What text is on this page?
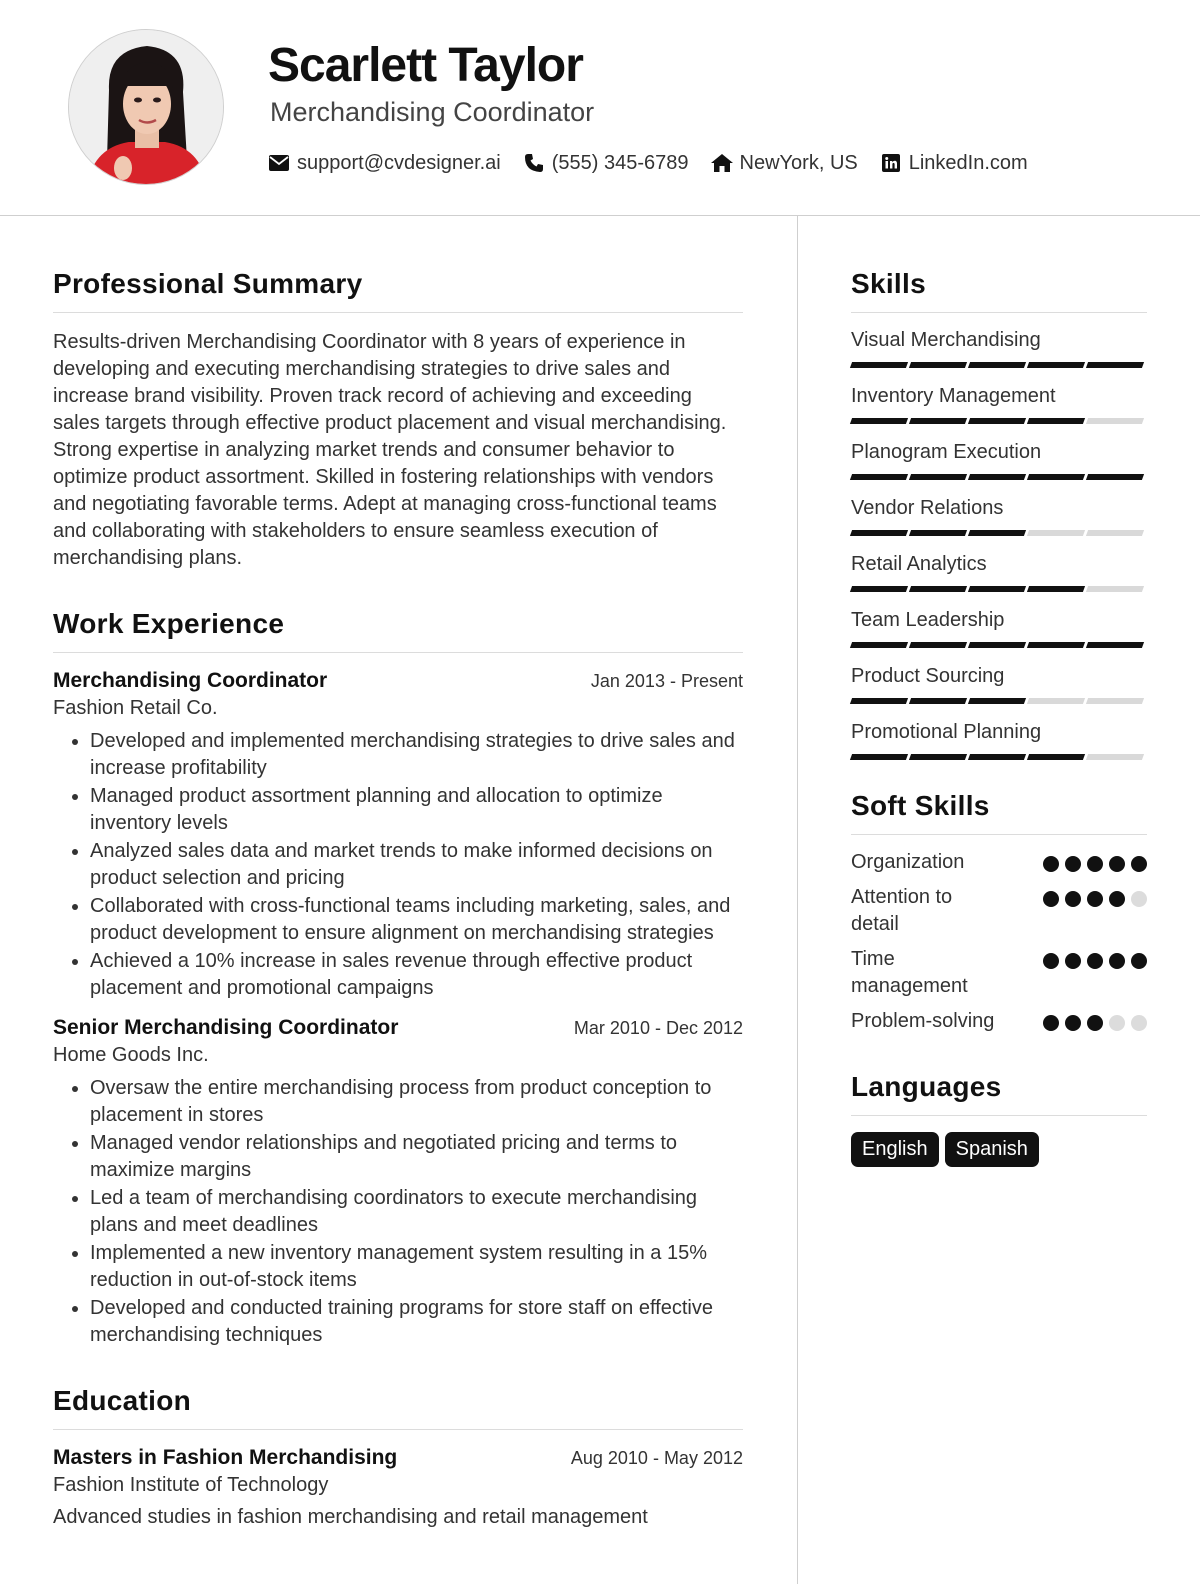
Scarlett Taylor
Merchandising Coordinator
support@cvdesigner.ai	(555) 345-6789	NewYork, US	LinkedIn.com
Professional Summary

Results-driven Merchandising Coordinator with 8 years of experience in developing and executing merchandising strategies to drive sales and increase brand visibility. Proven track record of achieving and exceeding sales targets through effective product placement and visual merchandising. Strong expertise in analyzing market trends and consumer behavior to optimize product assortment. Skilled in fostering relationships with vendors and negotiating favorable terms. Adept at managing cross-functional teams and collaborating with stakeholders to ensure seamless execution of merchandising plans.

Work Experience
Merchandising Coordinator	Jan 2013 - Present
Fashion Retail Co.
• Developed and implemented merchandising strategies to drive sales and increase profitability
• Managed product assortment planning and allocation to optimize inventory levels
• Analyzed sales data and market trends to make informed decisions on product selection and pricing
• Collaborated with cross-functional teams including marketing, sales, and product development to ensure alignment on merchandising strategies
• Achieved a 10% increase in sales revenue through effective product placement and promotional campaigns
Senior Merchandising Coordinator	Mar 2010 - Dec 2012
Home Goods Inc.
• Oversaw the entire merchandising process from product conception to placement in stores
• Managed vendor relationships and negotiated pricing and terms to maximize margins
• Led a team of merchandising coordinators to execute merchandising plans and meet deadlines
• Implemented a new inventory management system resulting in a 15% reduction in out-of-stock items
• Developed and conducted training programs for store staff on effective merchandising techniques
Education
Masters in Fashion Merchandising	Aug 2010 - May 2012
Fashion Institute of Technology
Advanced studies in fashion merchandising and retail management
Skills
Visual Merchandising
Inventory Management
Planogram Execution
Vendor Relations
Retail Analytics
Team Leadership
Product Sourcing
Promotional Planning
Soft Skills
Organization
Attention to detail
Time management
Problem-solving
Languages
English	Spanish
